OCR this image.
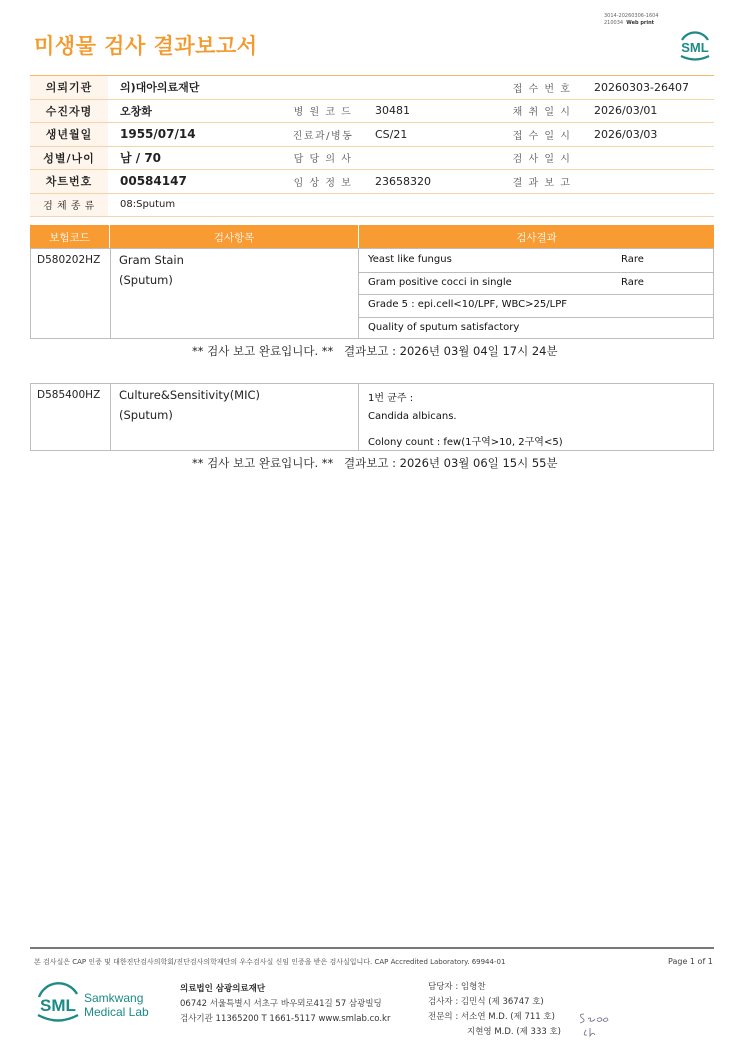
미생물 검사 결과보고서
3014-20260306-1604
210034 Web print
SML
의뢰기관	의)대아의료재단			접 수 번 호	20260303-26407
수진자명	오창화	병 원 코 드	30481	채 취 일 시	2026/03/01
생년월일	1955/07/14	진료과/병동	CS/21	접 수 일 시	2026/03/03
성별/나이	남 / 70	담 당 의 사		검 사 일 시	
차트번호	00584147	임 상 정 보	23658320	결 과 보 고	
검 체 종 류	08:Sputum				
보험코드	검사항목	검사결과
D580202HZ Gram Stain
(Sputum)
Yeast like fungus	Rare
Gram positive cocci in single	Rare
Grade 5 : epi.cell<10/LPF, WBC>25/LPF
Quality of sputum satisfactory
** 검사 보고 완료입니다. ** 결과보고 : 2026년 03월 04일 17시 24분
D585400HZ Culture&Sensitivity(MIC)
(Sputum)
1번 균주 :
Candida albicans.
Colony count : few(1구역>10, 2구역<5)
** 검사 보고 완료입니다. ** 결과보고 : 2026년 03월 06일 15시 55분
본 검사실은 CAP 인증 및 대한진단검사의학회/진단검사의학재단의 우수검사실 신임 인증을 받은 검사실입니다. CAP Accredited Laboratory. 69944-01	Page 1 of 1
SML Samkwang
Medical Lab
의료법인 삼광의료재단
06742 서울특별시 서초구 바우뫼로41길 57 삼광빌딩
검사기관 11365200 T 1661-5117 www.smlab.co.kr
담당자 : 임형찬
검사자 : 김민식 (제 36747 호)
전문의 : 서소연 M.D. (제 711 호)
지현영 M.D. (제 333 호)
